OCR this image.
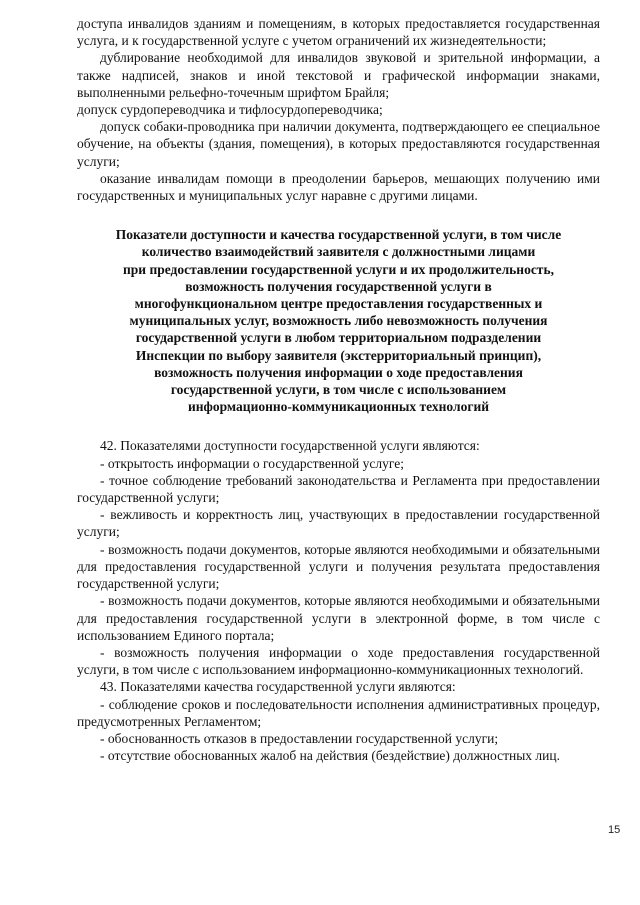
доступа инвалидов зданиям и помещениям, в которых предоставляется государственная услуга, и к государственной услуге с учетом ограничений их жизнедеятельности;

дублирование необходимой для инвалидов звуковой и зрительной информации, а также надписей, знаков и иной текстовой и графической информации знаками, выполненными рельефно-точечным шрифтом Брайля;

допуск сурдопереводчика и тифлосурдопереводчика;

допуск собаки-проводника при наличии документа, подтверждающего ее специальное обучение, на объекты (здания, помещения), в которых предоставляются государственная услуги;

оказание инвалидам помощи в преодолении барьеров, мешающих получению ими государственных и муниципальных услуг наравне с другими лицами.

Показатели доступности и качества государственной услуги, в том числе
количество взаимодействий заявителя с должностными лицами
при предоставлении государственной услуги и их продолжительность,
возможность получения государственной услуги в
многофункциональном центре предоставления государственных и
муниципальных услуг, возможность либо невозможность получения
государственной услуги в любом территориальном подразделении
Инспекции по выбору заявителя (экстерриториальный принцип),
возможность получения информации о ходе предоставления
государственной услуги, в том числе с использованием
информационно-коммуникационных технологий

42. Показателями доступности государственной услуги являются:

- открытость информации о государственной услуге;

- точное соблюдение требований законодательства и Регламента при предоставлении государственной услуги;

- вежливость и корректность лиц, участвующих в предоставлении государственной услуги;

- возможность подачи документов, которые являются необходимыми и обязательными для предоставления государственной услуги и получения результата предоставления государственной услуги;

- возможность подачи документов, которые являются необходимыми и обязательными для предоставления государственной услуги в электронной форме, в том числе с использованием Единого портала;

- возможность получения информации о ходе предоставления государственной услуги, в том числе с использованием информационно-коммуникационных технологий.

43. Показателями качества государственной услуги являются:

- соблюдение сроков и последовательности исполнения административных процедур, предусмотренных Регламентом;

- обоснованность отказов в предоставлении государственной услуги;

- отсутствие обоснованных жалоб на действия (бездействие) должностных лиц.

15
